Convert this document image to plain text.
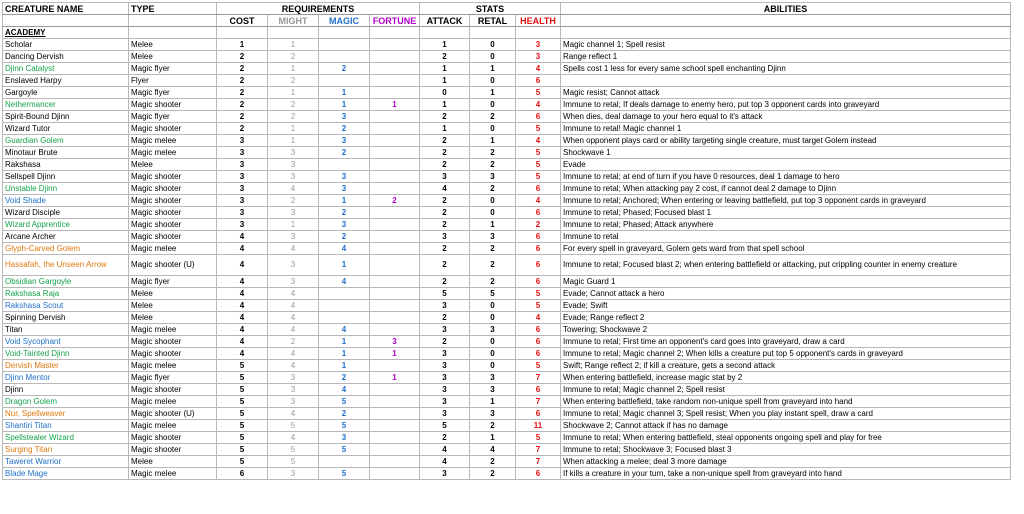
CREATURE NAME	TYPE	REQUIREMENTS				STATS			ABILITIES
		COST	MIGHT	MAGIC	FORTUNE	ATTACK	RETAL	HEALTH	
ACADEMY									
Scholar	Melee	1	1			1	0	3	Magic channel 1; Spell resist
Dancing Dervish	Melee	2	2			2	0	3	Range reflect 1
Djinn Catalyst	Magic flyer	2	1	2		1	1	4	Spells cost 1 less for every same school spell enchanting Djinn
Enslaved Harpy	Flyer	2	2			1	0	6	
Gargoyle	Magic flyer	2	1	1		0	1	5	Magic resist; Cannot attack
Nethermancer	Magic shooter	2	2	1	1	1	0	4	Immune to retal; If deals damage to enemy hero, put top 3 opponent cards into graveyard
Spirit-Bound Djinn	Magic flyer	2	2	3		2	2	6	When dies, deal damage to your hero equal to it's attack
Wizard Tutor	Magic shooter	2	1	2		1	0	5	Immune to retal! Magic channel 1
Guardian Golem	Magic melee	3	1	3		2	1	4	When opponent plays card or ability targeting single creature, must target Golem instead
Minotaur Brute	Magic melee	3	3	2		2	2	5	Shockwave 1
Rakshasa	Melee	3	3			2	2	5	Evade
Sellspell Djinn	Magic shooter	3	3	3		3	3	5	Immune to retal; at end of turn if you have 0 resources, deal 1 damage to hero
Unstable Djinn	Magic shooter	3	4	3		4	2	6	Immune to retal; When attacking pay 2 cost, if cannot deal 2 damage to Djinn
Void Shade	Magic shooter	3	2	1	2	2	0	4	Immune to retal; Anchored; When entering or leaving battlefield, put top 3 opponent cards in graveyard
Wizard Disciple	Magic shooter	3	3	2		2	0	6	Immune to retal; Phased; Focused blast 1
Wizard Apprentice	Magic shooter	3	1	3		2	1	2	Immune to retal; Phased; Attack anywhere
Arcane Archer	Magic shooter	4	3	2		3	3	6	Immune to retal
Glyph-Carved Golem	Magic melee	4	4	4		2	2	6	For every spell in graveyard, Golem gets ward from that spell school
Hassafah, the Unseen Arrow	Magic shooter (U)	4	3	1		2	2	6	Immune to retal; Focused blast 2; when entering battlefield or attacking, put crippling counter in enemy creature
Obsidian Gargoyle	Magic flyer	4	3	4		2	2	6	Magic Guard 1
Rakshasa Raja	Melee	4	4			5	5	5	Evade; Cannot attack a hero
Rakshasa Scout	Melee	4	4			3	0	5	Evade; Swift
Spinning Dervish	Melee	4	4			2	0	4	Evade; Range reflect 2
Titan	Magic melee	4	4	4		3	3	6	Towering; Shockwave 2
Void Sycophant	Magic shooter	4	2	1	3	2	0	6	Immune to retal; First time an opponent's card goes into graveyard, draw a card
Void-Tainted Djinn	Magic shooter	4	4	1	1	3	0	6	Immune to retal; Magic channel 2; When kills a creature put top 5 opponent's cards in graveyard
Dervish Master	Magic melee	5	4	1		3	0	5	Swift; Range reflect 2; if kill a creature, gets a second attack
Djinn Mentor	Magic flyer	5	3	2	1	3	3	7	When entering battlefield, increase magic stat by 2
Djinn	Magic shooter	5	3	4		3	3	6	Immune to retal; Magic channel 2; Spell resist
Dragon Golem	Magic melee	5	3	5		3	1	7	When entering battlefield, take random non-unique spell from graveyard into hand
Nur, Spellweaver	Magic shooter (U)	5	4	2		3	3	6	Immune to retal; Magic channel 3; Spell resist; When you play instant spell, draw a card
Shantiri Titan	Magic melee	5	5	5		5	2	11	Shockwave 2; Cannot attack if has no damage
Spellstealer Wizard	Magic shooter	5	4	3		2	1	5	Immune to retal; When entering battlefield, steal opponents ongoing spell and play for free
Surging Titan	Magic shooter	5	5	5		4	4	7	Immune to retal; Shockwave 3; Focused blast 3
Taweret Warrior	Melee	5	5			4	2	7	When attacking a melee; deal 3 more damage
Blade Mage	Magic melee	6	3	5		3	2	6	If kills a creature in your turn, take a non-unique spell from graveyard into hand
